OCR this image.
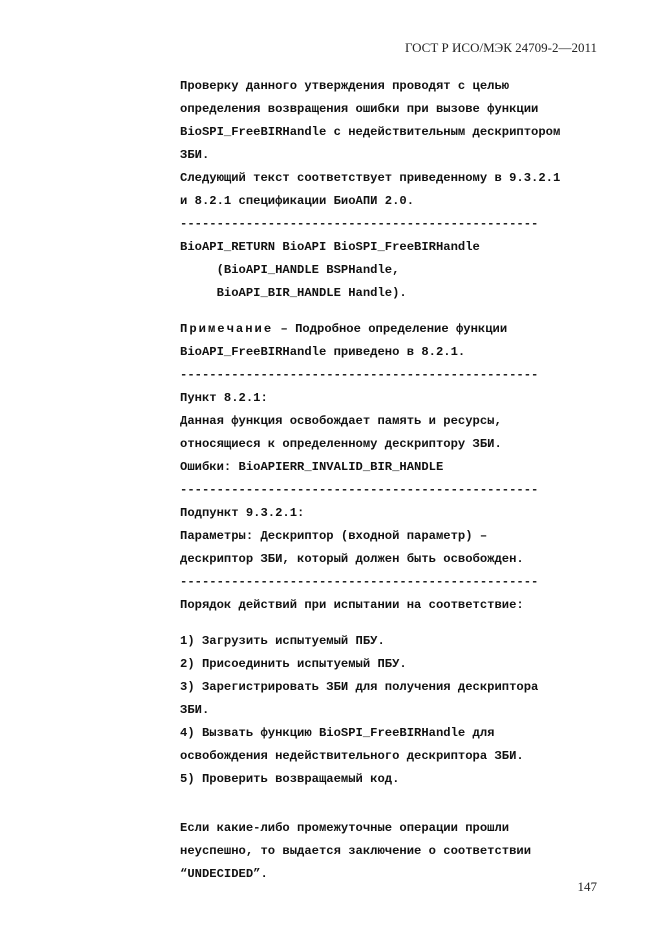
ГОСТ Р ИСО/МЭК 24709-2—2011
Проверку данного утверждения проводят с целью
определения возвращения ошибки при вызове функции
BioSPI_FreeBIRHandle с недействительным дескриптором
ЗБИ.
Следующий текст соответствует приведенному в 9.3.2.1
и 8.2.1 спецификации БиоАПИ 2.0.
-------------------------------------------------
BioAPI_RETURN BioAPI BioSPI_FreeBIRHandle
(BioAPI_HANDLE BSPHandle,
BioAPI_BIR_HANDLE Handle).
Примечание – Подробное определение функции
BioAPI_FreeBIRHandle приведено в 8.2.1.
-------------------------------------------------
Пункт 8.2.1:
Данная функция освобождает память и ресурсы,
относящиеся к определенному дескриптору ЗБИ.
Ошибки: BioAPIERR_INVALID_BIR_HANDLE
-------------------------------------------------
Подпункт 9.3.2.1:
Параметры: Дескриптор (входной параметр) –
дескриптор ЗБИ, который должен быть освобожден.
-------------------------------------------------
Порядок действий при испытании на соответствие:
1) Загрузить испытуемый ПБУ.
2) Присоединить испытуемый ПБУ.
3) Зарегистрировать ЗБИ для получения дескриптора
ЗБИ.
4) Вызвать функцию BioSPI_FreeBIRHandle для
освобождения недействительного дескриптора ЗБИ.
5) Проверить возвращаемый код.
Если какие-либо промежуточные операции прошли
неуспешно, то выдается заключение о соответствии
“UNDECIDED”.
147
